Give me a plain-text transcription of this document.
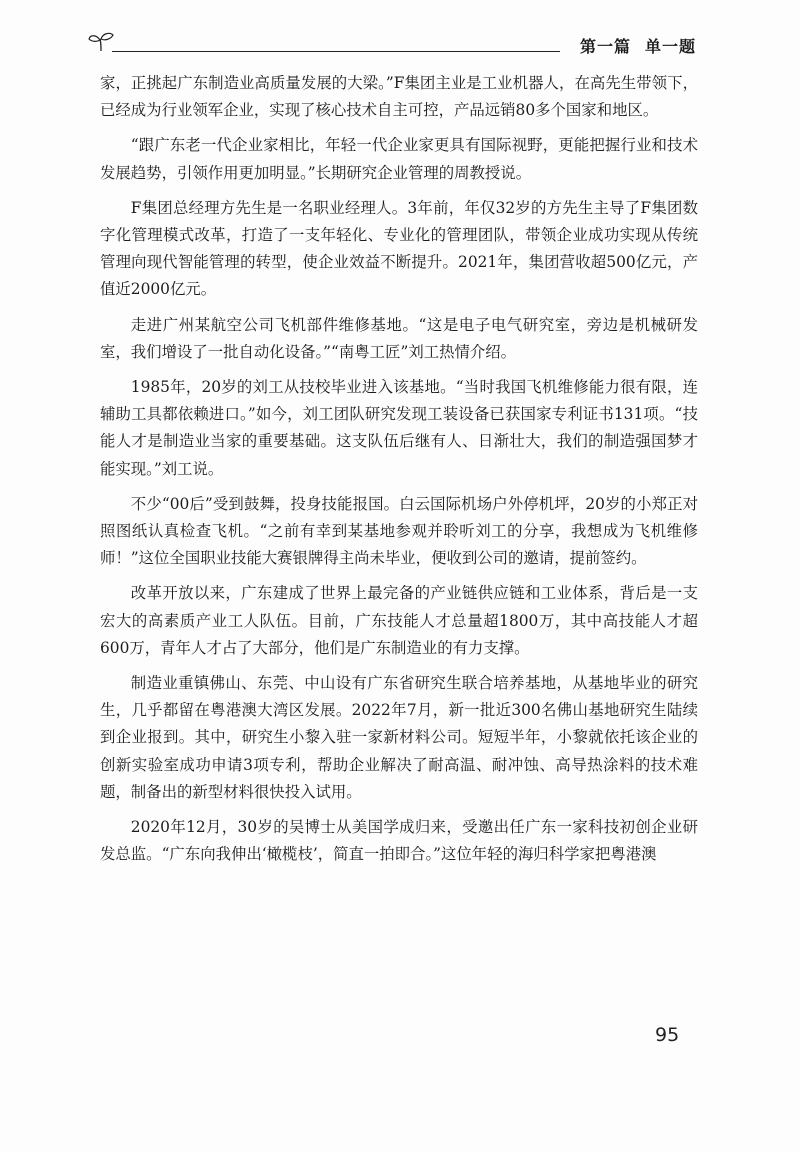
第一篇 单一题

家，正挑起广东制造业高质量发展的大梁。”F集团主业是工业机器人，在高先生带领下，已经成为行业领军企业，实现了核心技术自主可控，产品远销80多个国家和地区。

“跟广东老一代企业家相比，年轻一代企业家更具有国际视野，更能把握行业和技术发展趋势，引领作用更加明显。”长期研究企业管理的周教授说。

F集团总经理方先生是一名职业经理人。3年前，年仅32岁的方先生主导了F集团数字化管理模式改革，打造了一支年轻化、专业化的管理团队，带领企业成功实现从传统管理向现代智能管理的转型，使企业效益不断提升。2021年，集团营收超500亿元，产值近2000亿元。

走进广州某航空公司飞机部件维修基地。“这是电子电气研究室，旁边是机械研发室，我们增设了一批自动化设备。”“南粤工匠”刘工热情介绍。

1985年，20岁的刘工从技校毕业进入该基地。“当时我国飞机维修能力很有限，连辅助工具都依赖进口。”如今，刘工团队研究发现工装设备已获国家专利证书131项。“技能人才是制造业当家的重要基础。这支队伍后继有人、日渐壮大，我们的制造强国梦才能实现。”刘工说。

不少“00后”受到鼓舞，投身技能报国。白云国际机场户外停机坪，20岁的小郑正对照图纸认真检查飞机。“之前有幸到某基地参观并聆听刘工的分享，我想成为飞机维修师！”这位全国职业技能大赛银牌得主尚未毕业，便收到公司的邀请，提前签约。

改革开放以来，广东建成了世界上最完备的产业链供应链和工业体系，背后是一支宏大的高素质产业工人队伍。目前，广东技能人才总量超1800万，其中高技能人才超600万，青年人才占了大部分，他们是广东制造业的有力支撑。

制造业重镇佛山、东莞、中山设有广东省研究生联合培养基地，从基地毕业的研究生，几乎都留在粤港澳大湾区发展。2022年7月，新一批近300名佛山基地研究生陆续到企业报到。其中，研究生小黎入驻一家新材料公司。短短半年，小黎就依托该企业的创新实验室成功申请3项专利，帮助企业解决了耐高温、耐冲蚀、高导热涂料的技术难题，制备出的新型材料很快投入试用。

2020年12月，30岁的吴博士从美国学成归来，受邀出任广东一家科技初创企业研发总监。“广东向我伸出‘橄榄枝’，简直一拍即合。”这位年轻的海归科学家把粤港澳

95
